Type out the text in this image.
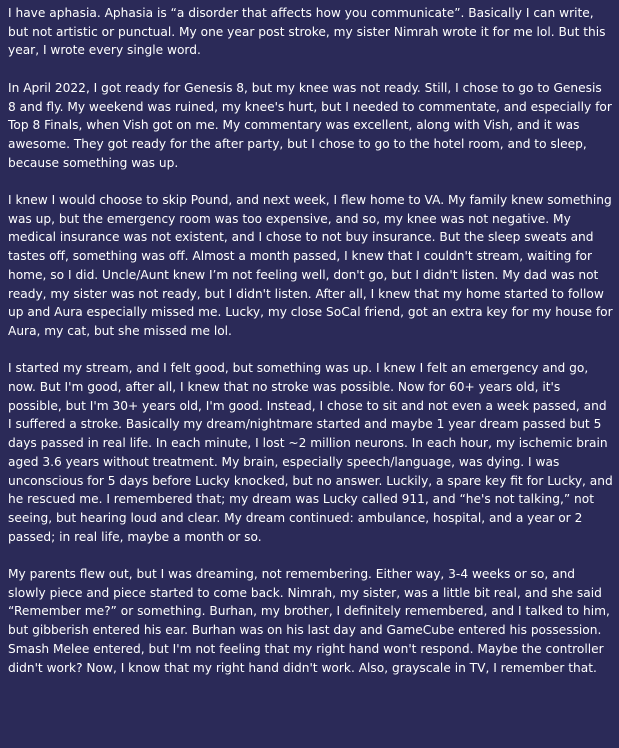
I have aphasia. Aphasia is “a disorder that affects how you communicate”. Basically I can write, but not artistic or punctual. My one year post stroke, my sister Nimrah wrote it for me lol. But this year, I wrote every single word.

In April 2022, I got ready for Genesis 8, but my knee was not ready. Still, I chose to go to Genesis 8 and fly. My weekend was ruined, my knee's hurt, but I needed to commentate, and especially for Top 8 Finals, when Vish got on me. My commentary was excellent, along with Vish, and it was awesome. They got ready for the after party, but I chose to go to the hotel room, and to sleep, because something was up.

I knew I would choose to skip Pound, and next week, I flew home to VA. My family knew something was up, but the emergency room was too expensive, and so, my knee was not negative. My medical insurance was not existent, and I chose to not buy insurance. But the sleep sweats and tastes off, something was off. Almost a month passed, I knew that I couldn't stream, waiting for home, so I did. Uncle/Aunt knew I’m not feeling well, don't go, but I didn't listen. My dad was not ready, my sister was not ready, but I didn't listen. After all, I knew that my home started to follow up and Aura especially missed me. Lucky, my close SoCal friend, got an extra key for my house for Aura, my cat, but she missed me lol.

I started my stream, and I felt good, but something was up. I knew I felt an emergency and go, now. But I'm good, after all, I knew that no stroke was possible. Now for 60+ years old, it's possible, but I'm 30+ years old, I'm good. Instead, I chose to sit and not even a week passed, and I suffered a stroke. Basically my dream/nightmare started and maybe 1 year dream passed but 5 days passed in real life. In each minute, I lost ~2 million neurons. In each hour, my ischemic brain aged 3.6 years without treatment. My brain, especially speech/language, was dying. I was unconscious for 5 days before Lucky knocked, but no answer. Luckily, a spare key fit for Lucky, and he rescued me. I remembered that; my dream was Lucky called 911, and “he's not talking,” not seeing, but hearing loud and clear. My dream continued: ambulance, hospital, and a year or 2 passed; in real life, maybe a month or so.

My parents flew out, but I was dreaming, not remembering. Either way, 3-4 weeks or so, and slowly piece and piece started to come back. Nimrah, my sister, was a little bit real, and she said “Remember me?” or something. Burhan, my brother, I definitely remembered, and I talked to him, but gibberish entered his ear. Burhan was on his last day and GameCube entered his possession. Smash Melee entered, but I'm not feeling that my right hand won't respond. Maybe the controller didn't work? Now, I know that my right hand didn't work. Also, grayscale in TV, I remember that.
